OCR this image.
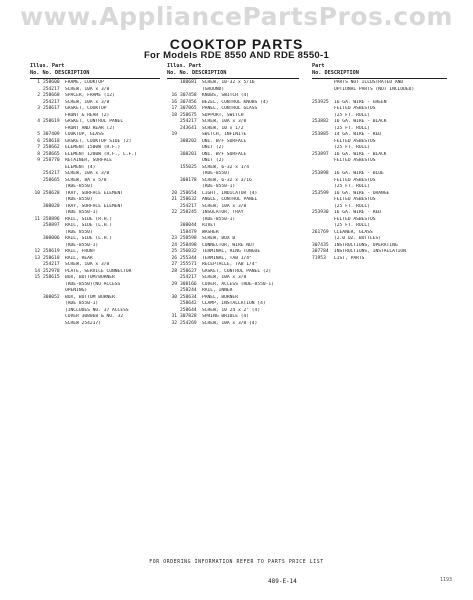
www.AppliancePartsPros.com
COOKTOP PARTS
For Models RDE 8550 AND RDE 8550-1
Illus. Part
No. No. DESCRIPTION
Illus. Part
No. No. DESCRIPTION
Part
No. DESCRIPTION
1 258600	FRAME, COOKTOP
254217	SCREW, 10A x 3/8
2 258668	SPACER, FRAME (12)
254217	SCREW, 10A x 3/8
3 258617	GASKET, COOKTOP
FRONT & REAR (2)
4 258619	GASKET, CONTROL PANEL
FRONT AND REAR (2)
5 307409	COOKTOP, GLASS
6 258618	GASKET, COOKTOP SIDE (2)
7 258662	ELEMENT 1500W (R.F.)
8 258665	ELEMENT 1200W (R.F., L.F.)
9 258770	RETAINER, SURFACE
ELEMENT (4)
254217	SCREW, 10A x 3/8
258665	SCREW, 8A x 5/8
(RDE-8550)
10 258628	TRAY, SURFACE ELEMENT
(RDE-8550)
308020	TRAY, SURFACE ELEMENT
(RDE 8550-1)
11 258896	RAIL, SIDE (R.H.)
258897	RAIL, SIDE (L.H.)
(RDE 8550)
308006	RAIL, SIDE (L.H.)
(RDE-8550-1)
12 258619	RAIL, FRONT
13 258618	RAIL, REAR
254217	SCREW, 10A x 3/8
14 252978	PLATE, SERVICE CONNECTOR
15 258615	BOX, BOTTOM/BURNER
(RDE-8550)(NO ACCESS
OPENING)
308052	BOX, BOTTOM BURNER
(RDE 8550-1)
(INCLUDES NO. 37 ACCESS
COVER 308068 & NO. 32
SCREW 254217)
188681	SCREW, 10-32 x 5/16
(GROUND)
16 307458	KNOBS, SWITCH (4)
16 307456	BEZEL, CONTROL KNOBS (4)
17 307065	PANEL, CONTROL GLASS
18 258675	SUPPORT, SWITCH
254217	SCREW, 10A x 3/8
243641	SCREW, 10 x 1/2
19	SWITCH, INFINITE
308202	UNI. W/F SURFACE
UNIT (2)
308201	UNI. W/F SURFACE
UNIT (2)
155025	SCREW, 6-32 x 1/4
(RDE-8550)
308178	SCREW, 6-32 x 3/16
(RDE-8550-1)
20 258654	LIGHT, INDICATOR (4)
21 258632	ANGLE, CONTROL PANEL
254217	SCREW, 10A x 3/8
22 258245	INSULATOR, TRAY
(RDE-8550-1)
308044	RIVET
158479	WASHER
23 258598	SCREW, BOX B
24 258498	CONNECTOR, WIRE NUT
25 256032	TERMINAL, RING TONGUE
26 255344	TERMINAL, TAB 1/4"
27 255571	RECEPTACLE, TAB 1/4"
28 258627	GASKET, CONTROL PANEL (2)
254217	SCREW, 10A x 3/8
29 308166	COVER, ACCESS (RDE-8550-1)
258244	RAIL, INNER
30 258634	PANEL, BURNER
258642	CLAMP, INSTALLATION (4)
258644	SCREW, 10 24 x 2" (4)
31 307828	SPRING BRIDLE (4)
32 254269	SCREW, 10A x 3/8 (4)
PARTS NOT ILLUSTRATED AND
OPTIONAL PARTS (NOT INCLUDED)
253925	16 GA. WIRE - GREEN
FELTED ASBESTOS
(25 FT. ROLL)
253882	16 GA. WIRE - BLACK
(25 FT. ROLL)
253885	14 GA. WIRE - RED
FELTED ASBESTOS
(25 FT. ROLL)
253897	16 GA. WIRE - BLACK
FELTED ASBESTOS
253898	16 GA. WIRE - BLUE
FELTED ASBESTOS
(25 FT. ROLL)
253599	16 GA. WIRE - ORANGE
FELTED ASBESTOS
(25 FT. ROLL)
253930	16 GA. WIRE - RED
FELTED ASBESTOS
(25 FT. ROLL)
261769	CLEANER, GLASS
(2.0 OZ. BOTTLES)
307435	INSTRUCTIONS, OPERATING
307784	INSTRUCTIONS, INSTALLATION
71953	LIST, PARTS
FOR ORDERING INFORMATION REFER TO PARTS PRICE LIST
489-E-14	1193
